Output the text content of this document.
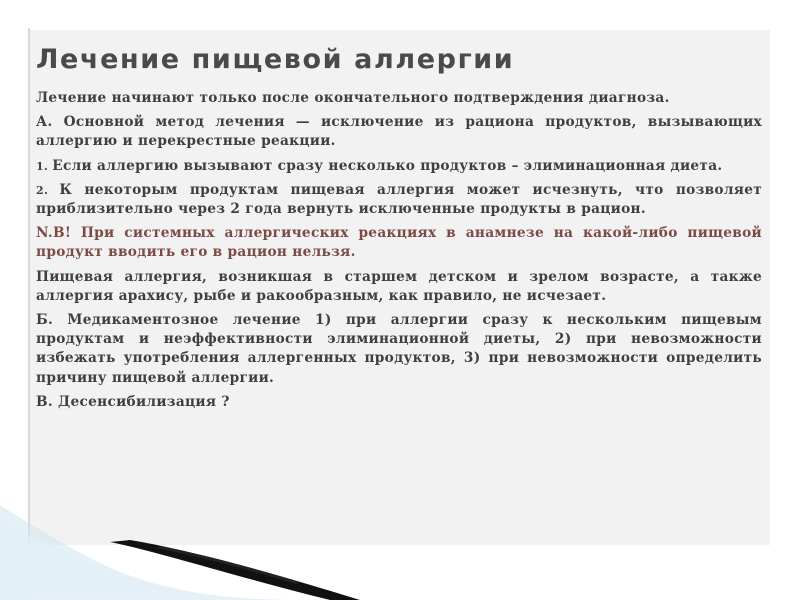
Лечение пищевой аллергии

Лечение начинают только после окончательного подтверждения диагноза.

А. Основной метод лечения — исключение из рациона продуктов, вызывающих аллергию и перекрестные реакции.

1. Если аллергию вызывают сразу несколько продуктов – элиминационная диета.

2. К некоторым продуктам пищевая аллергия может исчезнуть, что позволяет приблизительно через 2 года вернуть исключенные продукты в рацион.

N.B! При системных аллергических реакциях в анамнезе на какой-либо пищевой продукт вводить его в рацион нельзя.

Пищевая аллергия, возникшая в старшем детском и зрелом возрасте, а также аллергия арахису, рыбе и ракообразным, как правило, не исчезает.

Б. Медикаментозное лечение 1) при аллергии сразу к нескольким пищевым продуктам и неэффективности элиминационной диеты, 2) при невозможности избежать употребления аллергенных продуктов, 3) при невозможности определить причину пищевой аллергии.

В. Десенсибилизация ?
